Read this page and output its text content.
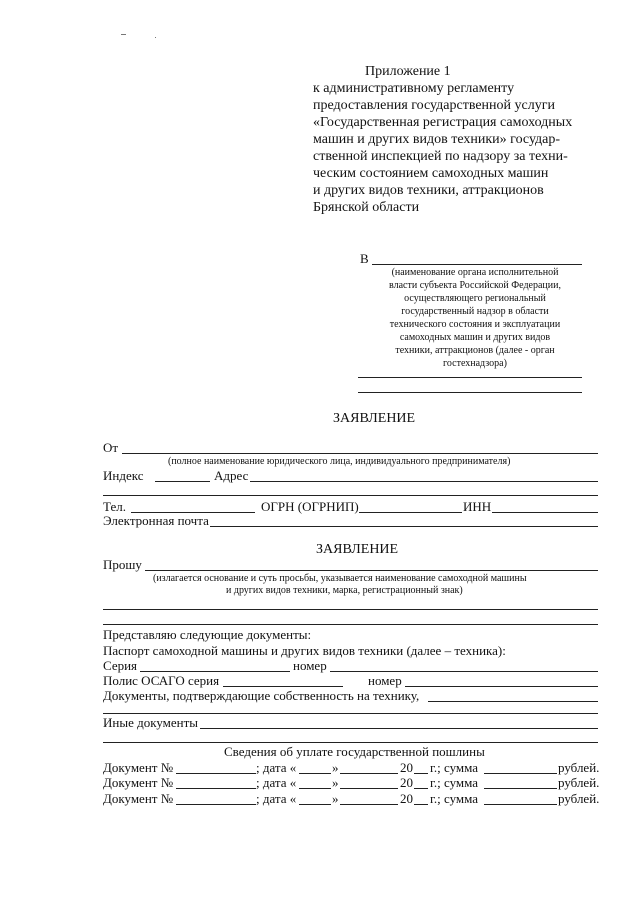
Приложение 1
к административному регламенту
предоставления государственной услуги
«Государственная регистрация самоходных
машин и других видов техники» государ-
ственной инспекцией по надзору за техни-
ческим состоянием самоходных машин
и других видов техники, аттракционов
Брянской области
В
(наименование органа исполнительной
власти субъекта Российской Федерации,
осуществляющего региональный
государственный надзор в области
технического состояния и эксплуатации
самоходных машин и других видов
техники, аттракционов (далее - орган
гостехнадзора)
ЗАЯВЛЕНИЕ
От
(полное наименование юридического лица, индивидуального предпринимателя)
Индекс	Адрес
Тел.	ОГРН (ОГРНИП)	ИНН
Электронная почта
ЗАЯВЛЕНИЕ
Прошу
(излагается основание и суть просьбы, указывается наименование самоходной машины
и других видов техники, марка, регистрационный знак)
Представляю следующие документы:
Паспорт самоходной машины и других видов техники (далее – техника):
Серия	номер
Полис ОСАГО серия	номер
Документы, подтверждающие собственность на технику,
Иные документы
Сведения об уплате государственной пошлины
Документ №	; дата «	»	20 г.; сумма	рублей.
Документ №	; дата «	»	20 г.; сумма	рублей.
Документ №	; дата «	»	20 г.; сумма	рублей.
